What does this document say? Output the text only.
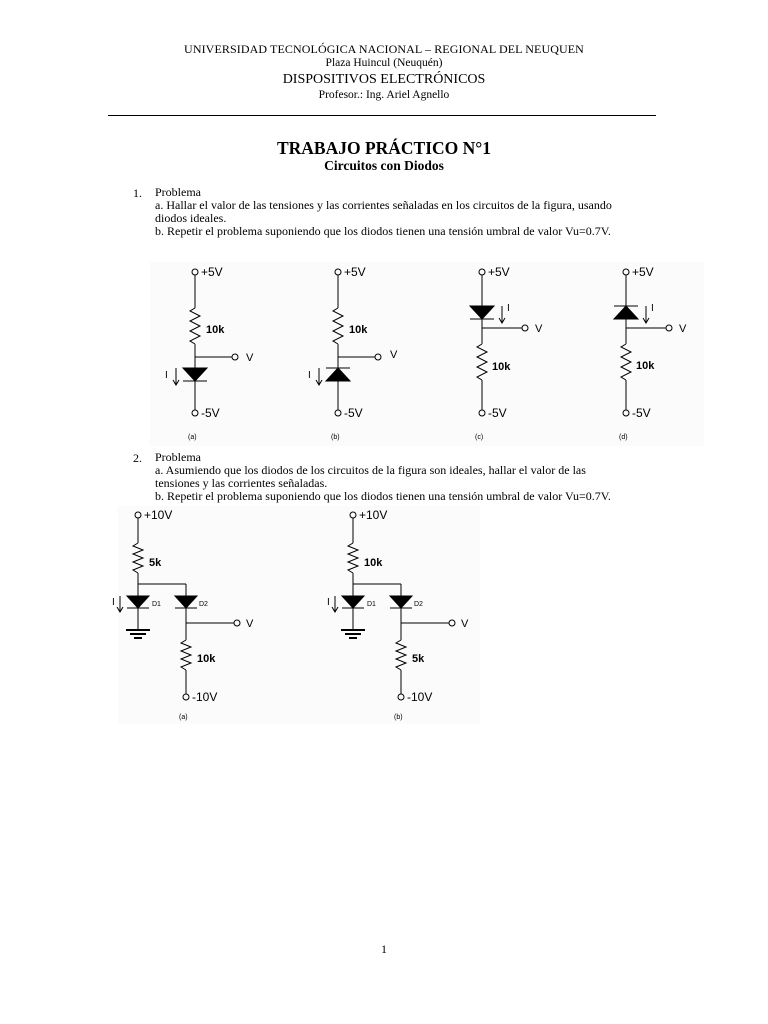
UNIVERSIDAD TECNOLÓGICA NACIONAL – REGIONAL DEL NEUQUEN
Plaza Huincul (Neuquén)
DISPOSITIVOS ELECTRÓNICOS
Profesor.: Ing. Ariel Agnello
TRABAJO PRÁCTICO N°1
Circuitos con Diodos
1. Problema
a. Hallar el valor de las tensiones y las corrientes señaladas en los circuitos de la figura, usando
diodos ideales.
b. Repetir el problema suponiendo que los diodos tienen una tensión umbral de valor Vu=0.7V.
+5V
10k
V
I
-5V
(a)
+5V
10k
V
I
-5V
(b)
+5V
I
V
10k
-5V
(c)
+5V
I
V
10k
-5V
(d)
2. Problema
a. Asumiendo que los diodos de los circuitos de la figura son ideales, hallar el valor de las
tensiones y las corrientes señaladas.
b. Repetir el problema suponiendo que los diodos tienen una tensión umbral de valor Vu=0.7V.
+10V
5k
I	D1	D2
V
10k
-10V
(a)
+10V
10k
I	D1	D2
V
5k
-10V
(b)
1
